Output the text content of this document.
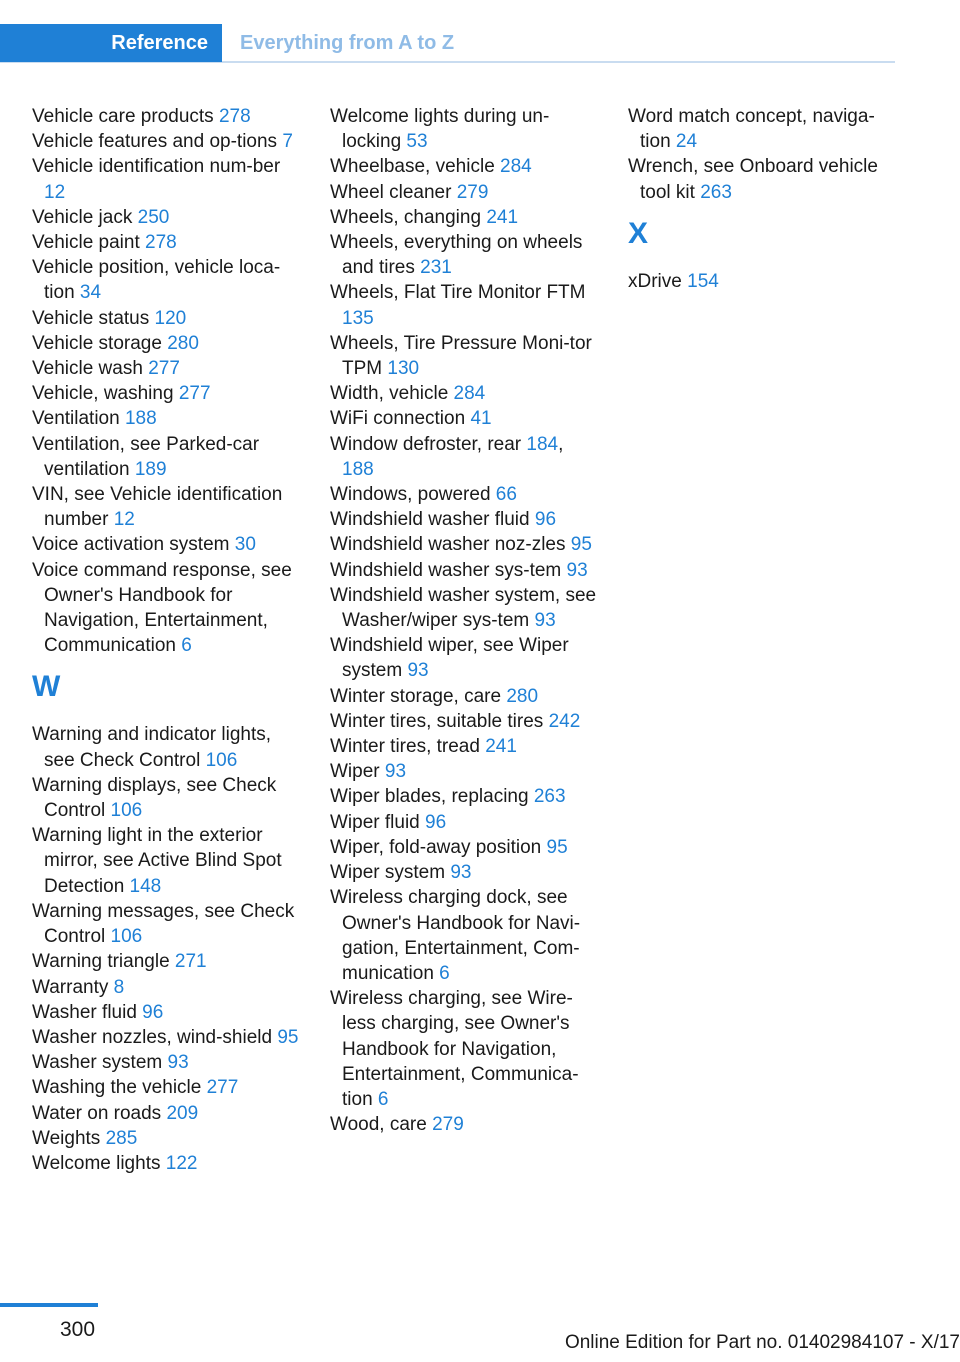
Reference	Everything from A to Z
Vehicle care products 278
Vehicle features and op-tions 7
Vehicle identification num-ber 12
Vehicle jack 250
Vehicle paint 278
Vehicle position, vehicle loca-tion 34
Vehicle status 120
Vehicle storage 280
Vehicle wash 277
Vehicle, washing 277
Ventilation 188
Ventilation, see Parked-car ventilation 189
VIN, see Vehicle identification number 12
Voice activation system 30
Voice command response, see Owner's Handbook for Navigation, Entertainment, Communication 6
W
Warning and indicator lights, see Check Control 106
Warning displays, see Check Control 106
Warning light in the exterior mirror, see Active Blind Spot Detection 148
Warning messages, see Check Control 106
Warning triangle 271
Warranty 8
Washer fluid 96
Washer nozzles, wind-shield 95
Washer system 93
Washing the vehicle 277
Water on roads 209
Weights 285
Welcome lights 122
Welcome lights during un-locking 53
Wheelbase, vehicle 284
Wheel cleaner 279
Wheels, changing 241
Wheels, everything on wheels and tires 231
Wheels, Flat Tire Monitor FTM 135
Wheels, Tire Pressure Moni-tor TPM 130
Width, vehicle 284
WiFi connection 41
Window defroster, rear 184, 188
Windows, powered 66
Windshield washer fluid 96
Windshield washer noz-zles 95
Windshield washer sys-tem 93
Windshield washer system, see Washer/wiper sys-tem 93
Windshield wiper, see Wiper system 93
Winter storage, care 280
Winter tires, suitable tires 242
Winter tires, tread 241
Wiper 93
Wiper blades, replacing 263
Wiper fluid 96
Wiper, fold-away position 95
Wiper system 93
Wireless charging dock, see Owner's Handbook for Navi-gation, Entertainment, Com-munication 6
Wireless charging, see Wire-less charging, see Owner's Handbook for Navigation, Entertainment, Communica-tion 6
Wood, care 279
Word match concept, naviga-tion 24
Wrench, see Onboard vehicle tool kit 263
X
xDrive 154
300
Online Edition for Part no. 01402984107 - X/17
